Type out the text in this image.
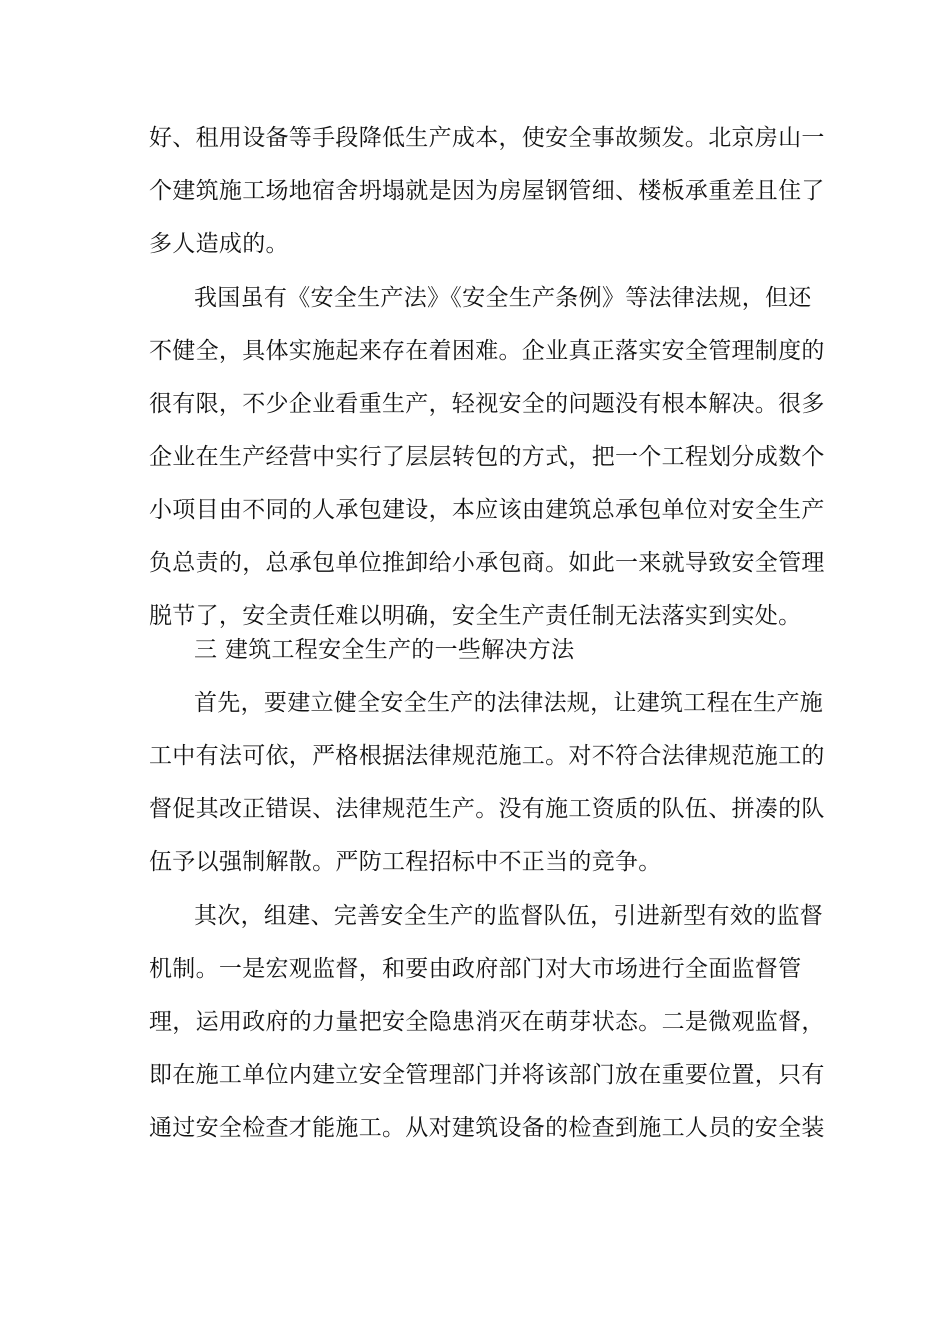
好、租用设备等手段降低生产成本，使安全事故频发。北京房山一
个建筑施工场地宿舍坍塌就是因为房屋钢管细、楼板承重差且住了
多人造成的。
我国虽有《安全生产法》《安全生产条例》等法律法规，但还
不健全，具体实施起来存在着困难。企业真正落实安全管理制度的
很有限，不少企业看重生产，轻视安全的问题没有根本解决。很多
企业在生产经营中实行了层层转包的方式，把一个工程划分成数个
小项目由不同的人承包建设，本应该由建筑总承包单位对安全生产
负总责的，总承包单位推卸给小承包商。如此一来就导致安全管理
脱节了，安全责任难以明确，安全生产责任制无法落实到实处。
三 建筑工程安全生产的一些解决方法
首先，要建立健全安全生产的法律法规，让建筑工程在生产施
工中有法可依，严格根据法律规范施工。对不符合法律规范施工的
督促其改正错误、法律规范生产。没有施工资质的队伍、拼凑的队
伍予以强制解散。严防工程招标中不正当的竞争。
其次，组建、完善安全生产的监督队伍，引进新型有效的监督
机制。一是宏观监督，和要由政府部门对大市场进行全面监督管
理，运用政府的力量把安全隐患消灭在萌芽状态。二是微观监督，
即在施工单位内建立安全管理部门并将该部门放在重要位置，只有
通过安全检查才能施工。从对建筑设备的检查到施工人员的安全装
